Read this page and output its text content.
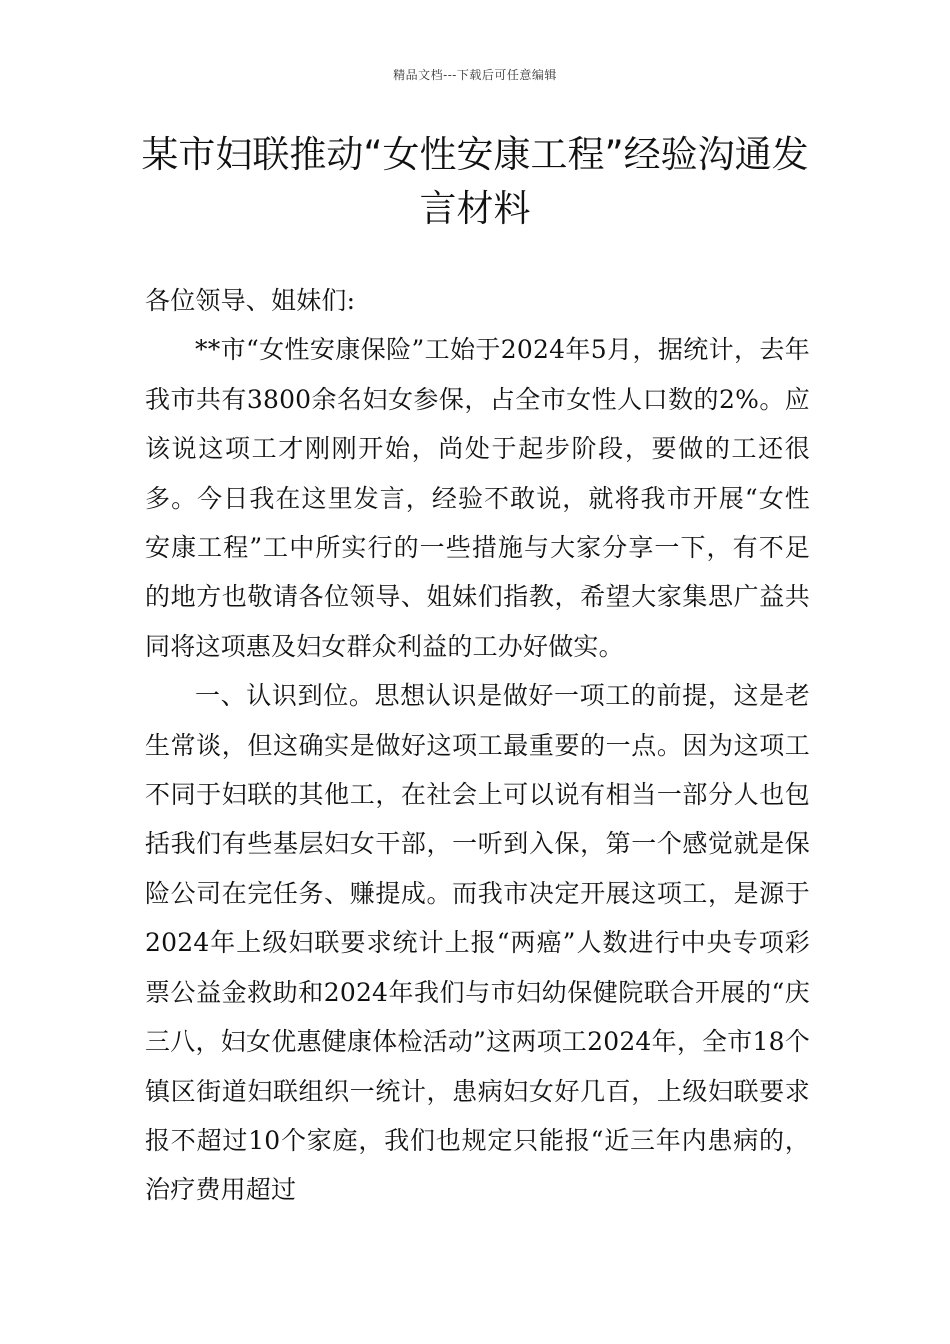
精品文档---下载后可任意编辑
某市妇联推动“女性安康工程”经验沟通发言材料

各位领导、姐妹们:

**市“女性安康保险”工始于2024年5月，据统计，去年我市共有3800余名妇女参保，占全市女性人口数的2%。应该说这项工才刚刚开始，尚处于起步阶段，要做的工还很多。今日我在这里发言，经验不敢说，就将我市开展“女性安康工程”工中所实行的一些措施与大家分享一下，有不足的地方也敬请各位领导、姐妹们指教，希望大家集思广益共同将这项惠及妇女群众利益的工办好做实。

一、认识到位。思想认识是做好一项工的前提，这是老生常谈，但这确实是做好这项工最重要的一点。因为这项工不同于妇联的其他工，在社会上可以说有相当一部分人也包括我们有些基层妇女干部，一听到入保，第一个感觉就是保险公司在完任务、赚提成。而我市决定开展这项工，是源于2024年上级妇联要求统计上报“两癌”人数进行中央专项彩票公益金救助和2024年我们与市妇幼保健院联合开展的“庆三八，妇女优惠健康体检活动”这两项工2024年，全市18个镇区街道妇联组织一统计，患病妇女好几百，上级妇联要求报不超过10个家庭，我们也规定只能报“近三年内患病的，治疗费用超过
